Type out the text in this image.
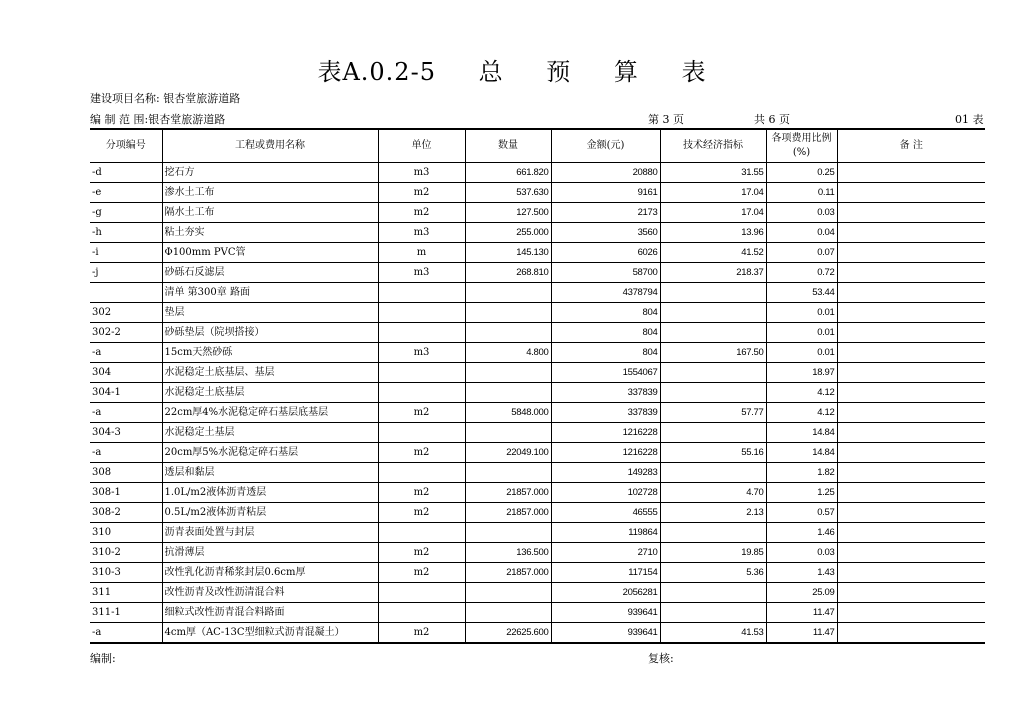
表A.0.2-5 总 预 算 表
建设项目名称: 银杏堂旅游道路
编 制 范 围:银杏堂旅游道路	第 3 页	共 6 页	01 表
分项编号	工程或费用名称	单位	数量	金额(元)	技术经济指标	各项费用比例 (%)	备 注
-d	挖石方	m3	661.820	20880	31.55	0.25	
-e	渗水土工布	m2	537.630	9161	17.04	0.11	
-g	隔水土工布	m2	127.500	2173	17.04	0.03	
-h	粘土夯实	m3	255.000	3560	13.96	0.04	
-i	Φ100mm PVC管	m	145.130	6026	41.52	0.07	
-j	砂砾石反滤层	m3	268.810	58700	218.37	0.72	
	清单 第300章 路面			4378794		53.44	
302	垫层			804		0.01	
302-2	砂砾垫层（院坝搭接）			804		0.01	
-a	15cm天然砂砾	m3	4.800	804	167.50	0.01	
304	水泥稳定土底基层、基层			1554067		18.97	
304-1	水泥稳定土底基层			337839		4.12	
-a	22cm厚4%水泥稳定碎石基层底基层	m2	5848.000	337839	57.77	4.12	
304-3	水泥稳定土基层			1216228		14.84	
-a	20cm厚5%水泥稳定碎石基层	m2	22049.100	1216228	55.16	14.84	
308	透层和黏层			149283		1.82	
308-1	1.0L/m2液体沥青透层	m2	21857.000	102728	4.70	1.25	
308-2	0.5L/m2液体沥青粘层	m2	21857.000	46555	2.13	0.57	
310	沥青表面处置与封层			119864		1.46	
310-2	抗滑薄层	m2	136.500	2710	19.85	0.03	
310-3	改性乳化沥青稀浆封层0.6cm厚	m2	21857.000	117154	5.36	1.43	
311	改性沥青及改性沥清混合料			2056281		25.09	
311-1	细粒式改性沥青混合料路面			939641		11.47	
-a	4cm厚（AC-13C型细粒式沥青混凝土）	m2	22625.600	939641	41.53	11.47	
编制:	复核:
